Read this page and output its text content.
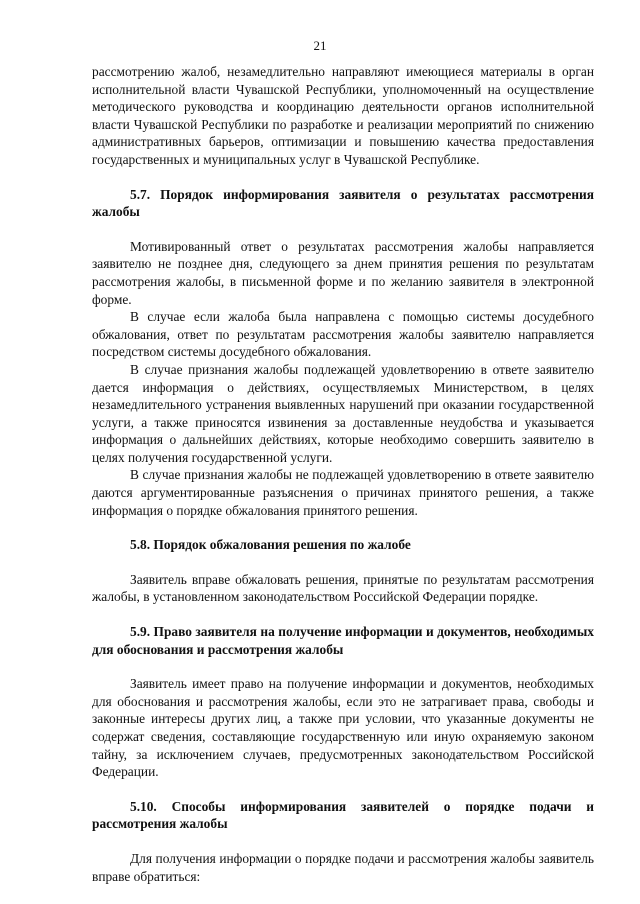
21

рассмотрению жалоб, незамедлительно направляют имеющиеся материалы в орган исполнительной власти Чувашской Республики, уполномоченный на осуществление методического руководства и координацию деятельности органов исполнительной власти Чувашской Республики по разработке и реализации мероприятий по снижению административных барьеров, оптимизации и повышению качества предоставления государственных и муниципальных услуг в Чувашской Республике.

5.7. Порядок информирования заявителя о результатах рассмотрения жалобы

Мотивированный ответ о результатах рассмотрения жалобы направляется заявителю не позднее дня, следующего за днем принятия решения по результатам рассмотрения жалобы, в письменной форме и по желанию заявителя в электронной форме.

В случае если жалоба была направлена с помощью системы досудебного обжалования, ответ по результатам рассмотрения жалобы заявителю направляется посредством системы досудебного обжалования.

В случае признания жалобы подлежащей удовлетворению в ответе заявителю дается информация о действиях, осуществляемых Министерством, в целях незамедлительного устранения выявленных нарушений при оказании государственной услуги, а также приносятся извинения за доставленные неудобства и указывается информация о дальнейших действиях, которые необходимо совершить заявителю в целях получения государственной услуги.

В случае признания жалобы не подлежащей удовлетворению в ответе заявителю даются аргументированные разъяснения о причинах принятого решения, а также информация о порядке обжалования принятого решения.

5.8. Порядок обжалования решения по жалобе

Заявитель вправе обжаловать решения, принятые по результатам рассмотрения жалобы, в установленном законодательством Российской Федерации порядке.

5.9. Право заявителя на получение информации и документов, необходимых для обоснования и рассмотрения жалобы

Заявитель имеет право на получение информации и документов, необходимых для обоснования и рассмотрения жалобы, если это не затрагивает права, свободы и законные интересы других лиц, а также при условии, что указанные документы не содержат сведения, составляющие государственную или иную охраняемую законом тайну, за исключением случаев, предусмотренных законодательством Российской Федерации.

5.10. Способы информирования заявителей о порядке подачи и рассмотрения жалобы

Для получения информации о порядке подачи и рассмотрения жалобы заявитель вправе обратиться:
